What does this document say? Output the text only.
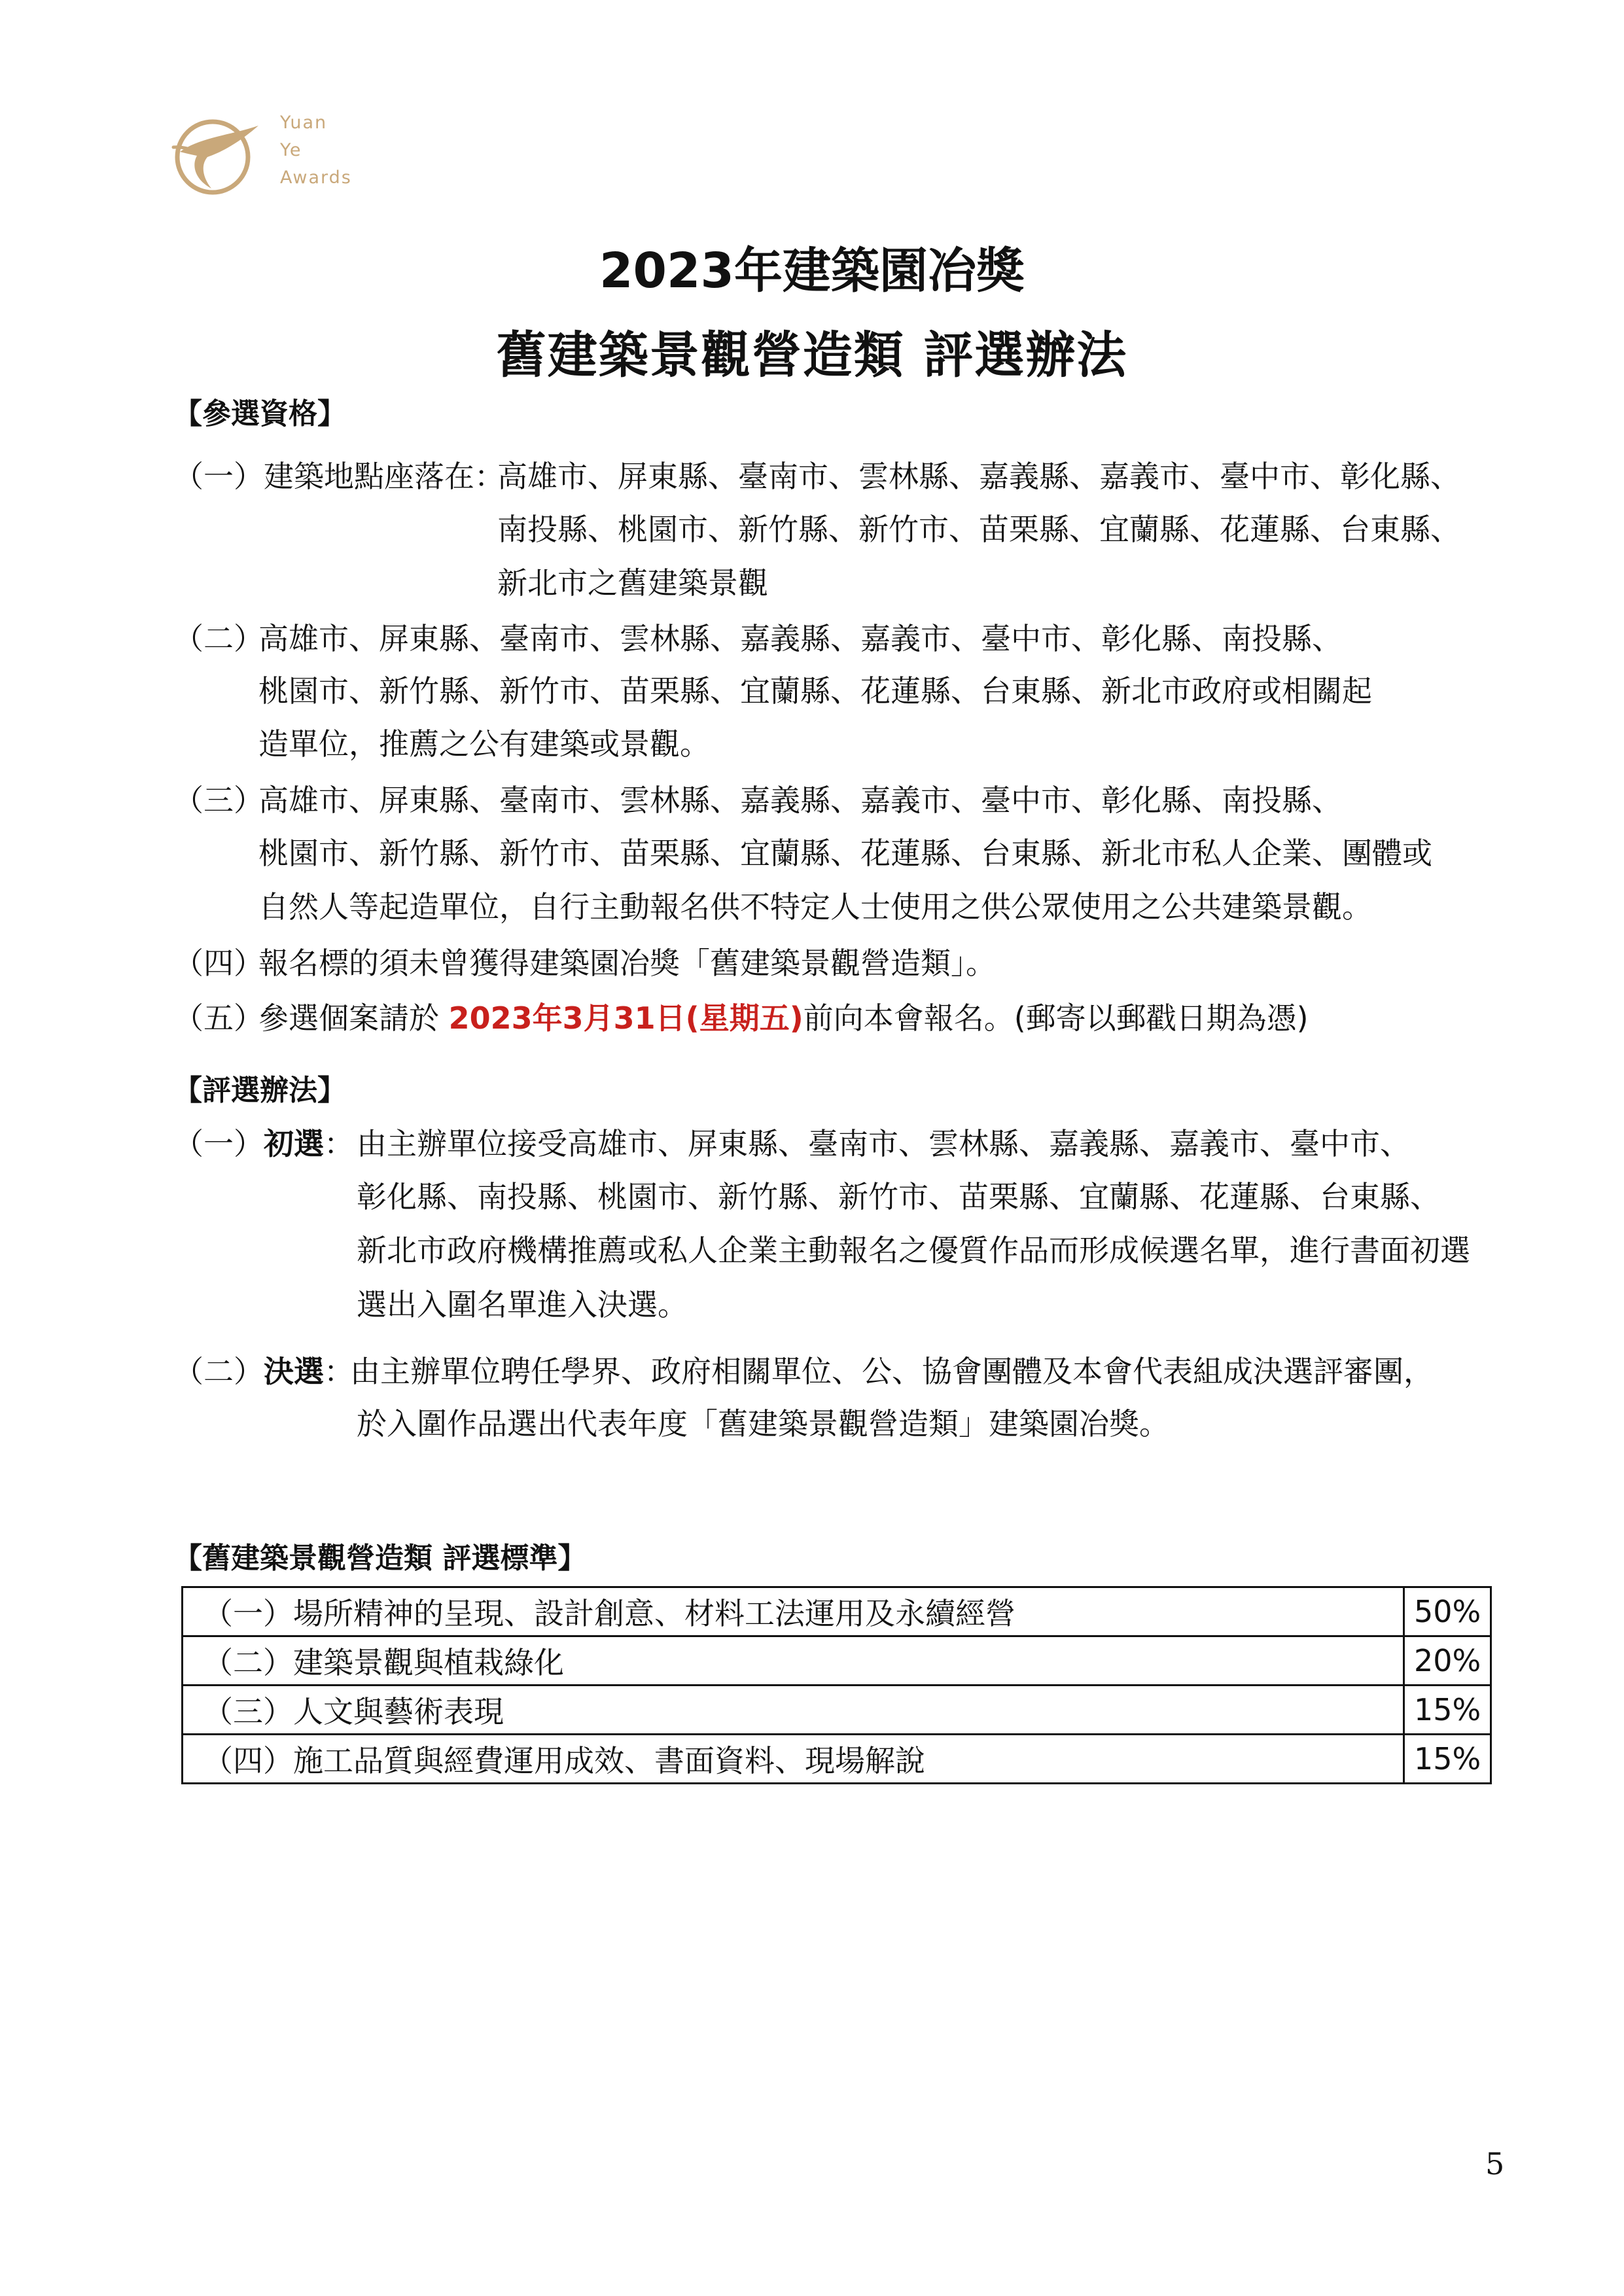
Yuan
Ye
Awards
2023年建築園冶獎
舊建築景觀營造類 評選辦法
【參選資格】
（一）建築地點座落在：
高雄市、屏東縣、臺南市、雲林縣、嘉義縣、嘉義市、臺中市、彰化縣、
南投縣、桃園市、新竹縣、新竹市、苗栗縣、宜蘭縣、花蓮縣、台東縣、
新北市之舊建築景觀
（二）
高雄市、屏東縣、臺南市、雲林縣、嘉義縣、嘉義市、臺中市、彰化縣、南投縣、
桃園市、新竹縣、新竹市、苗栗縣、宜蘭縣、花蓮縣、台東縣、新北市政府或相關起
造單位，推薦之公有建築或景觀。
（三）
高雄市、屏東縣、臺南市、雲林縣、嘉義縣、嘉義市、臺中市、彰化縣、南投縣、
桃園市、新竹縣、新竹市、苗栗縣、宜蘭縣、花蓮縣、台東縣、新北市私人企業、團體或
自然人等起造單位，自行主動報名供不特定人士使用之供公眾使用之公共建築景觀。
（四）
報名標的須未曾獲得建築園冶獎「舊建築景觀營造類」。
（五）
參選個案請於 2023年3月31日(星期五)前向本會報名。(郵寄以郵戳日期為憑)
【評選辦法】
（一）初選： 由主辦單位接受高雄市、屏東縣、臺南市、雲林縣、嘉義縣、嘉義市、臺中市、
彰化縣、南投縣、桃園市、新竹縣、新竹市、苗栗縣、宜蘭縣、花蓮縣、台東縣、
新北市政府機構推薦或私人企業主動報名之優質作品而形成候選名單，進行書面初選
選出入圍名單進入決選。
（二）決選：
由主辦單位聘任學界、政府相關單位、公、協會團體及本會代表組成決選評審團，
於入圍作品選出代表年度「舊建築景觀營造類」建築園冶獎。
【舊建築景觀營造類 評選標準】
（一）場所精神的呈現、設計創意、材料工法運用及永續經營	50%
（二）建築景觀與植栽綠化	20%
（三）人文與藝術表現	15%
（四）施工品質與經費運用成效、書面資料、現場解說	15%
5
